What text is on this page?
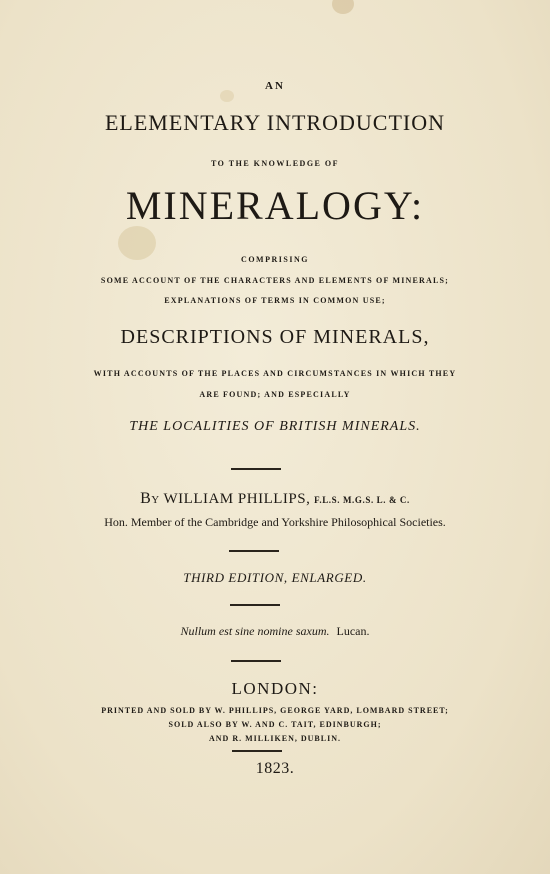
AN
ELEMENTARY INTRODUCTION
TO THE KNOWLEDGE OF
MINERALOGY:
COMPRISING
SOME ACCOUNT OF THE CHARACTERS AND ELEMENTS OF MINERALS;
EXPLANATIONS OF TERMS IN COMMON USE;
DESCRIPTIONS OF MINERALS,
WITH ACCOUNTS OF THE PLACES AND CIRCUMSTANCES IN WHICH THEY
ARE FOUND; AND ESPECIALLY
THE LOCALITIES OF BRITISH MINERALS.
By WILLIAM PHILLIPS, F.L.S. M.G.S. L. & C.
Hon. Member of the Cambridge and Yorkshire Philosophical Societies.
THIRD EDITION, ENLARGED.
Nullum est sine nomine saxum. Lucan.
LONDON:
PRINTED AND SOLD BY W. PHILLIPS, GEORGE YARD, LOMBARD STREET;
SOLD ALSO BY W. AND C. TAIT, EDINBURGH;
AND R. MILLIKEN, DUBLIN.
1823.
